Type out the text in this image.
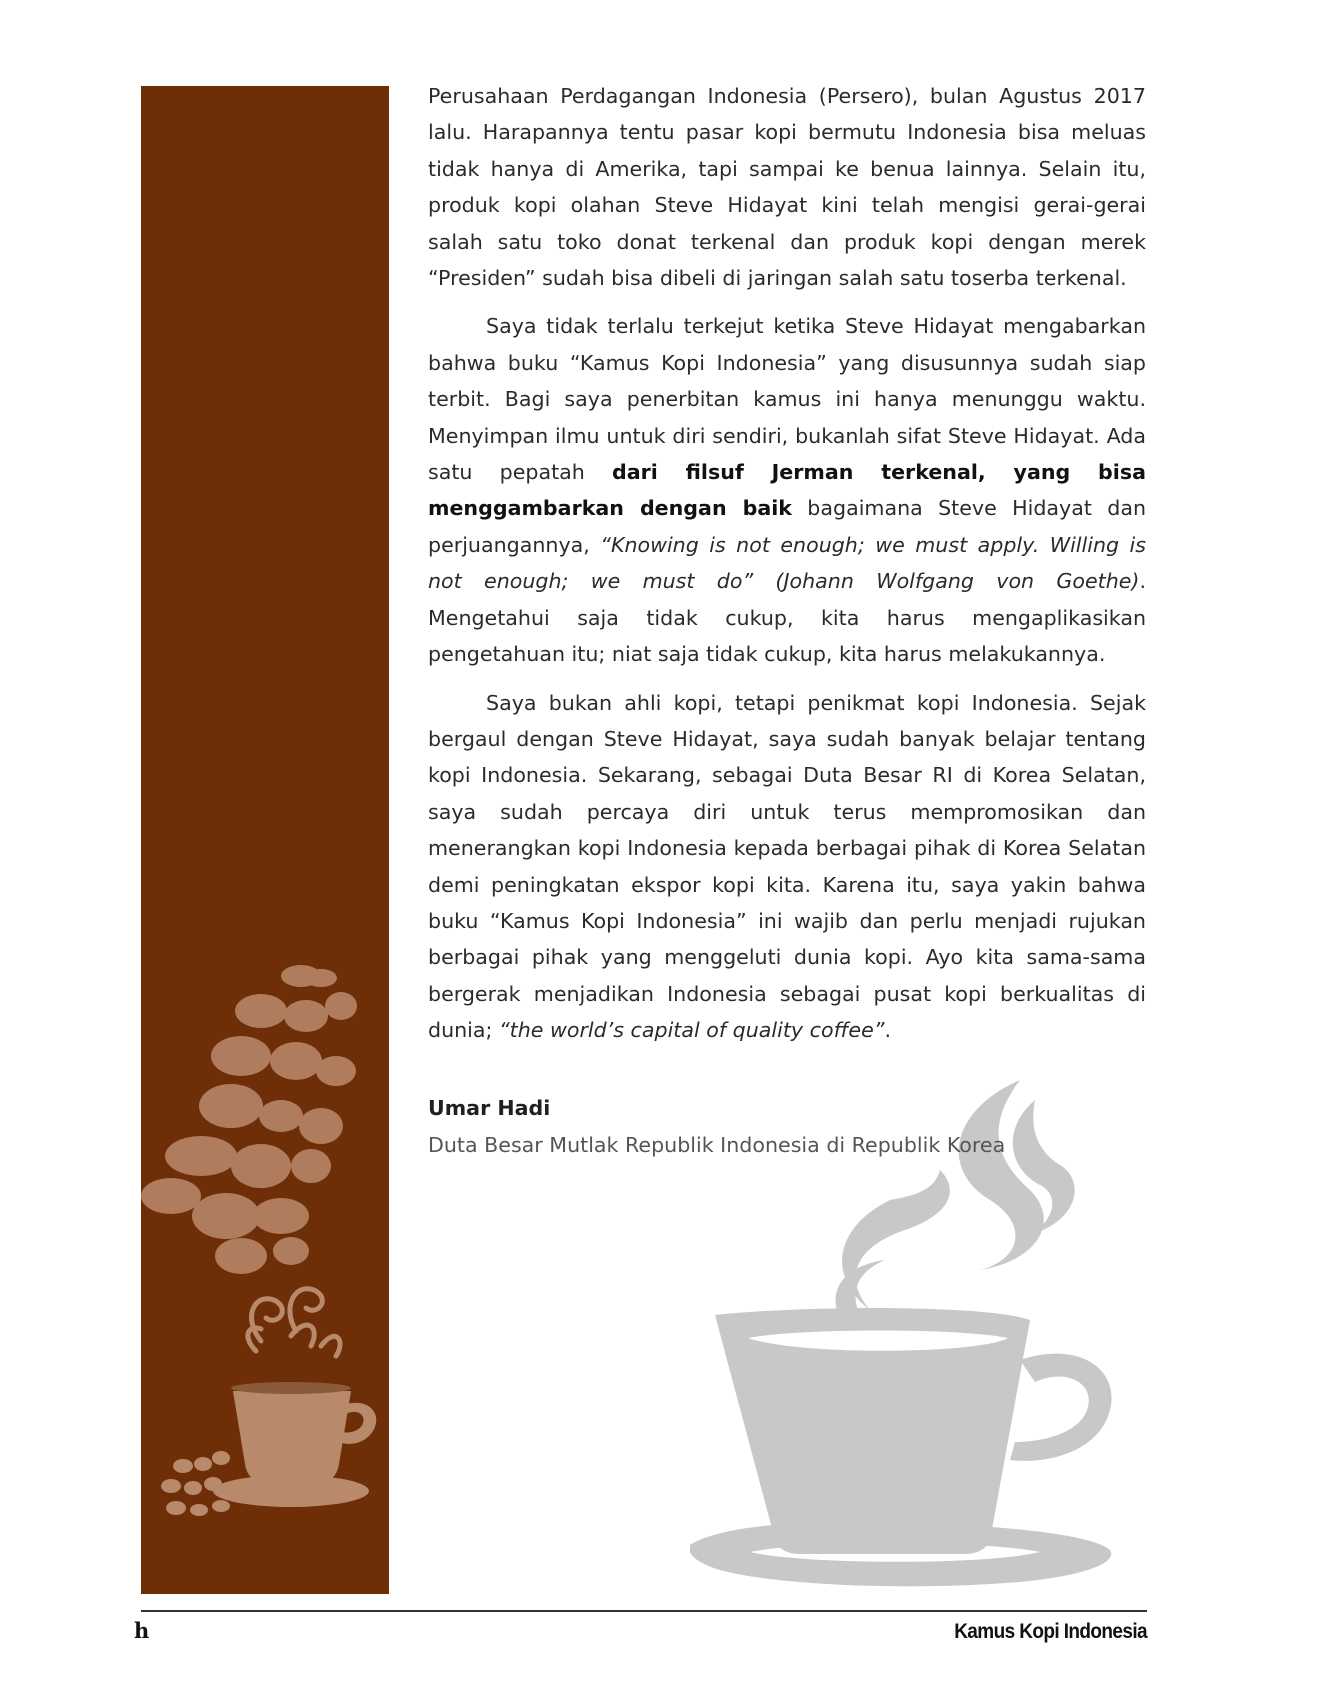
Perusahaan Perdagangan Indonesia (Persero), bulan Agustus 2017 lalu. Harapannya tentu pasar kopi bermutu Indonesia bisa meluas tidak hanya di Amerika, tapi sampai ke benua lainnya. Selain itu, produk kopi olahan Steve Hidayat kini telah mengisi gerai-gerai salah satu toko donat terkenal dan produk kopi dengan merek “Presiden” sudah bisa dibeli di jaringan salah satu toserba terkenal.

Saya tidak terlalu terkejut ketika Steve Hidayat mengabarkan bahwa buku “Kamus Kopi Indonesia” yang disusunnya sudah siap terbit. Bagi saya penerbitan kamus ini hanya menunggu waktu. Menyimpan ilmu untuk diri sendiri, bukanlah sifat Steve Hidayat. Ada satu pepatah dari filsuf Jerman terkenal, yang bisa menggambarkan dengan baik bagaimana Steve Hidayat dan perjuangannya, “Knowing is not enough; we must apply. Willing is not enough; we must do” (Johann Wolfgang von Goethe). Mengetahui saja tidak cukup, kita harus mengaplikasikan pengetahuan itu; niat saja tidak cukup, kita harus melakukannya.

Saya bukan ahli kopi, tetapi penikmat kopi Indonesia. Sejak bergaul dengan Steve Hidayat, saya sudah banyak belajar tentang kopi Indonesia. Sekarang, sebagai Duta Besar RI di Korea Selatan, saya sudah percaya diri untuk terus mempromosikan dan menerangkan kopi Indonesia kepada berbagai pihak di Korea Selatan demi peningkatan ekspor kopi kita. Karena itu, saya yakin bahwa buku “Kamus Kopi Indonesia” ini wajib dan perlu menjadi rujukan berbagai pihak yang menggeluti dunia kopi. Ayo kita sama-sama bergerak menjadikan Indonesia sebagai pusat kopi berkualitas di dunia; “the world’s capital of quality coffee”.

Umar Hadi
Duta Besar Mutlak Republik Indonesia di Republik Korea
h	Kamus Kopi Indonesia
